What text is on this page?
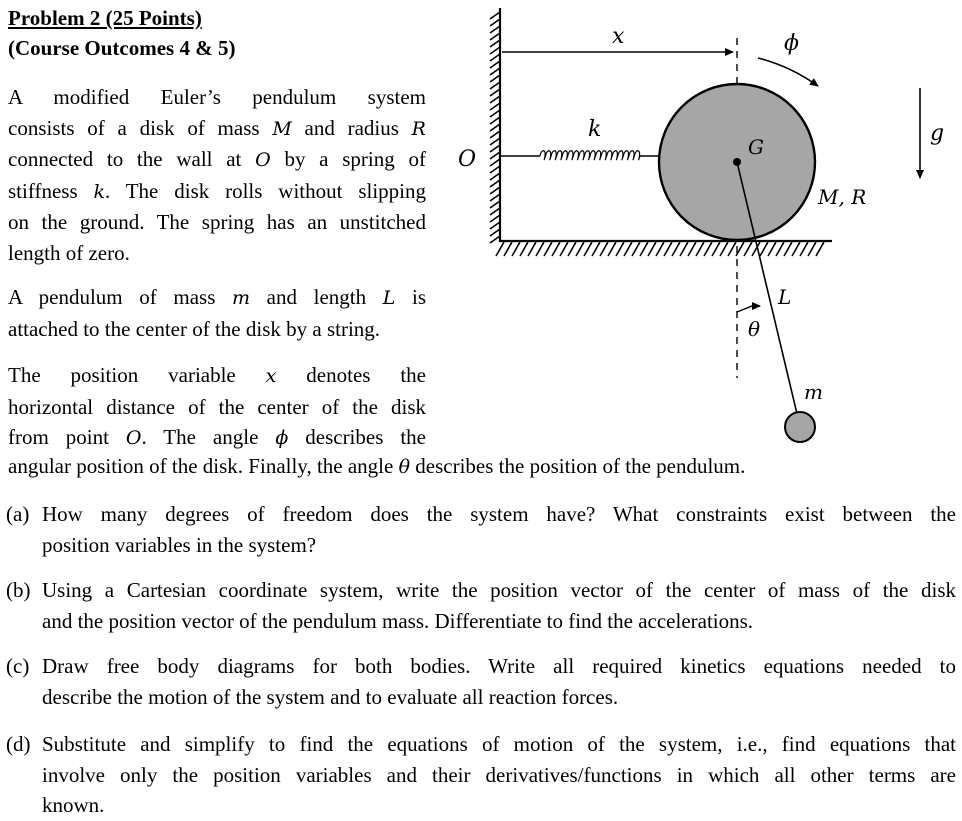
Problem 2 (25 Points)
(Course Outcomes 4 & 5)
A modified Euler’s pendulum system
consists of a disk of mass M and radius R
connected to the wall at O by a spring of
stiffness k. The disk rolls without slipping
on the ground. The spring has an unstitched
length of zero.
A pendulum of mass m and length L is
attached to the center of the disk by a string.
The position variable x denotes the
horizontal distance of the center of the disk
from point O. The angle ϕ describes the
angular position of the disk. Finally, the angle θ describes the position of the pendulum.
(a) How many degrees of freedom does the system have? What constraints exist between the
position variables in the system?
(b) Using a Cartesian coordinate system, write the position vector of the center of mass of the disk
and the position vector of the pendulum mass. Differentiate to find the accelerations.
(c) Draw free body diagrams for both bodies. Write all required kinetics equations needed to
describe the motion of the system and to evaluate all reaction forces.
(d) Substitute and simplify to find the equations of motion of the system, i.e., find equations that
involve only the position variables and their derivatives/functions in which all other terms are
known.
x	ϕ
k
O	G
M, R
g
L
θ
m
